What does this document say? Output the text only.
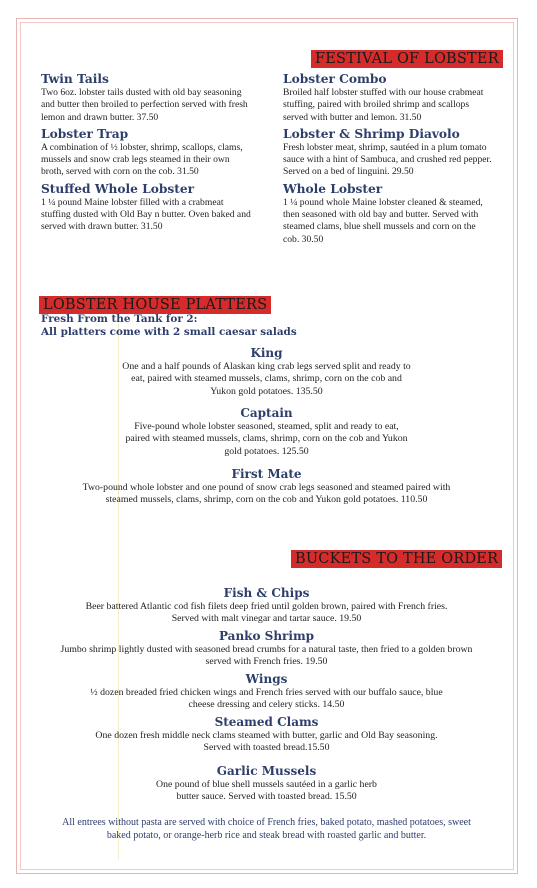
FESTIVAL OF LOBSTER
Twin Tails
Two 6oz. lobster tails dusted with old bay seasoning and butter then broiled to perfection served with fresh lemon and drawn butter. 37.50
Lobster Trap
A combination of ½ lobster, shrimp, scallops, clams, mussels and snow crab legs steamed in their own broth, served with corn on the cob. 31.50
Stuffed Whole Lobster
1 ¼ pound Maine lobster filled with a crabmeat stuffing dusted with Old Bay n butter. Oven baked and served with drawn butter. 31.50
Lobster Combo
Broiled half lobster stuffed with our house crabmeat stuffing, paired with broiled shrimp and scallops served with butter and lemon. 31.50
Lobster & Shrimp Diavolo
Fresh lobster meat, shrimp, sautéed in a plum tomato sauce with a hint of Sambuca, and crushed red pepper. Served on a bed of linguini. 29.50
Whole Lobster
1 ¼ pound whole Maine lobster cleaned & steamed, then seasoned with old bay and butter. Served with steamed clams, blue shell mussels and corn on the cob. 30.50
LOBSTER HOUSE PLATTERS
Fresh From the Tank for 2:
All platters come with 2 small caesar salads
King
One and a half pounds of Alaskan king crab legs served split and ready to eat, paired with steamed mussels, clams, shrimp, corn on the cob and Yukon gold potatoes. 135.50
Captain
Five-pound whole lobster seasoned, steamed, split and ready to eat, paired with steamed mussels, clams, shrimp, corn on the cob and Yukon gold potatoes. 125.50
First Mate
Two-pound whole lobster and one pound of snow crab legs seasoned and steamed paired with steamed mussels, clams, shrimp, corn on the cob and Yukon gold potatoes. 110.50
BUCKETS TO THE ORDER
Fish & Chips
Beer battered Atlantic cod fish filets deep fried until golden brown, paired with French fries. Served with malt vinegar and tartar sauce. 19.50
Panko Shrimp
Jumbo shrimp lightly dusted with seasoned bread crumbs for a natural taste, then fried to a golden brown served with French fries. 19.50
Wings
½ dozen breaded fried chicken wings and French fries served with our buffalo sauce, blue cheese dressing and celery sticks. 14.50
Steamed Clams
One dozen fresh middle neck clams steamed with butter, garlic and Old Bay seasoning. Served with toasted bread.15.50
Garlic Mussels
One pound of blue shell mussels sautéed in a garlic herb butter sauce. Served with toasted bread. 15.50
All entrees without pasta are served with choice of French fries, baked potato, mashed potatoes, sweet baked potato, or orange-herb rice and steak bread with roasted garlic and butter.
